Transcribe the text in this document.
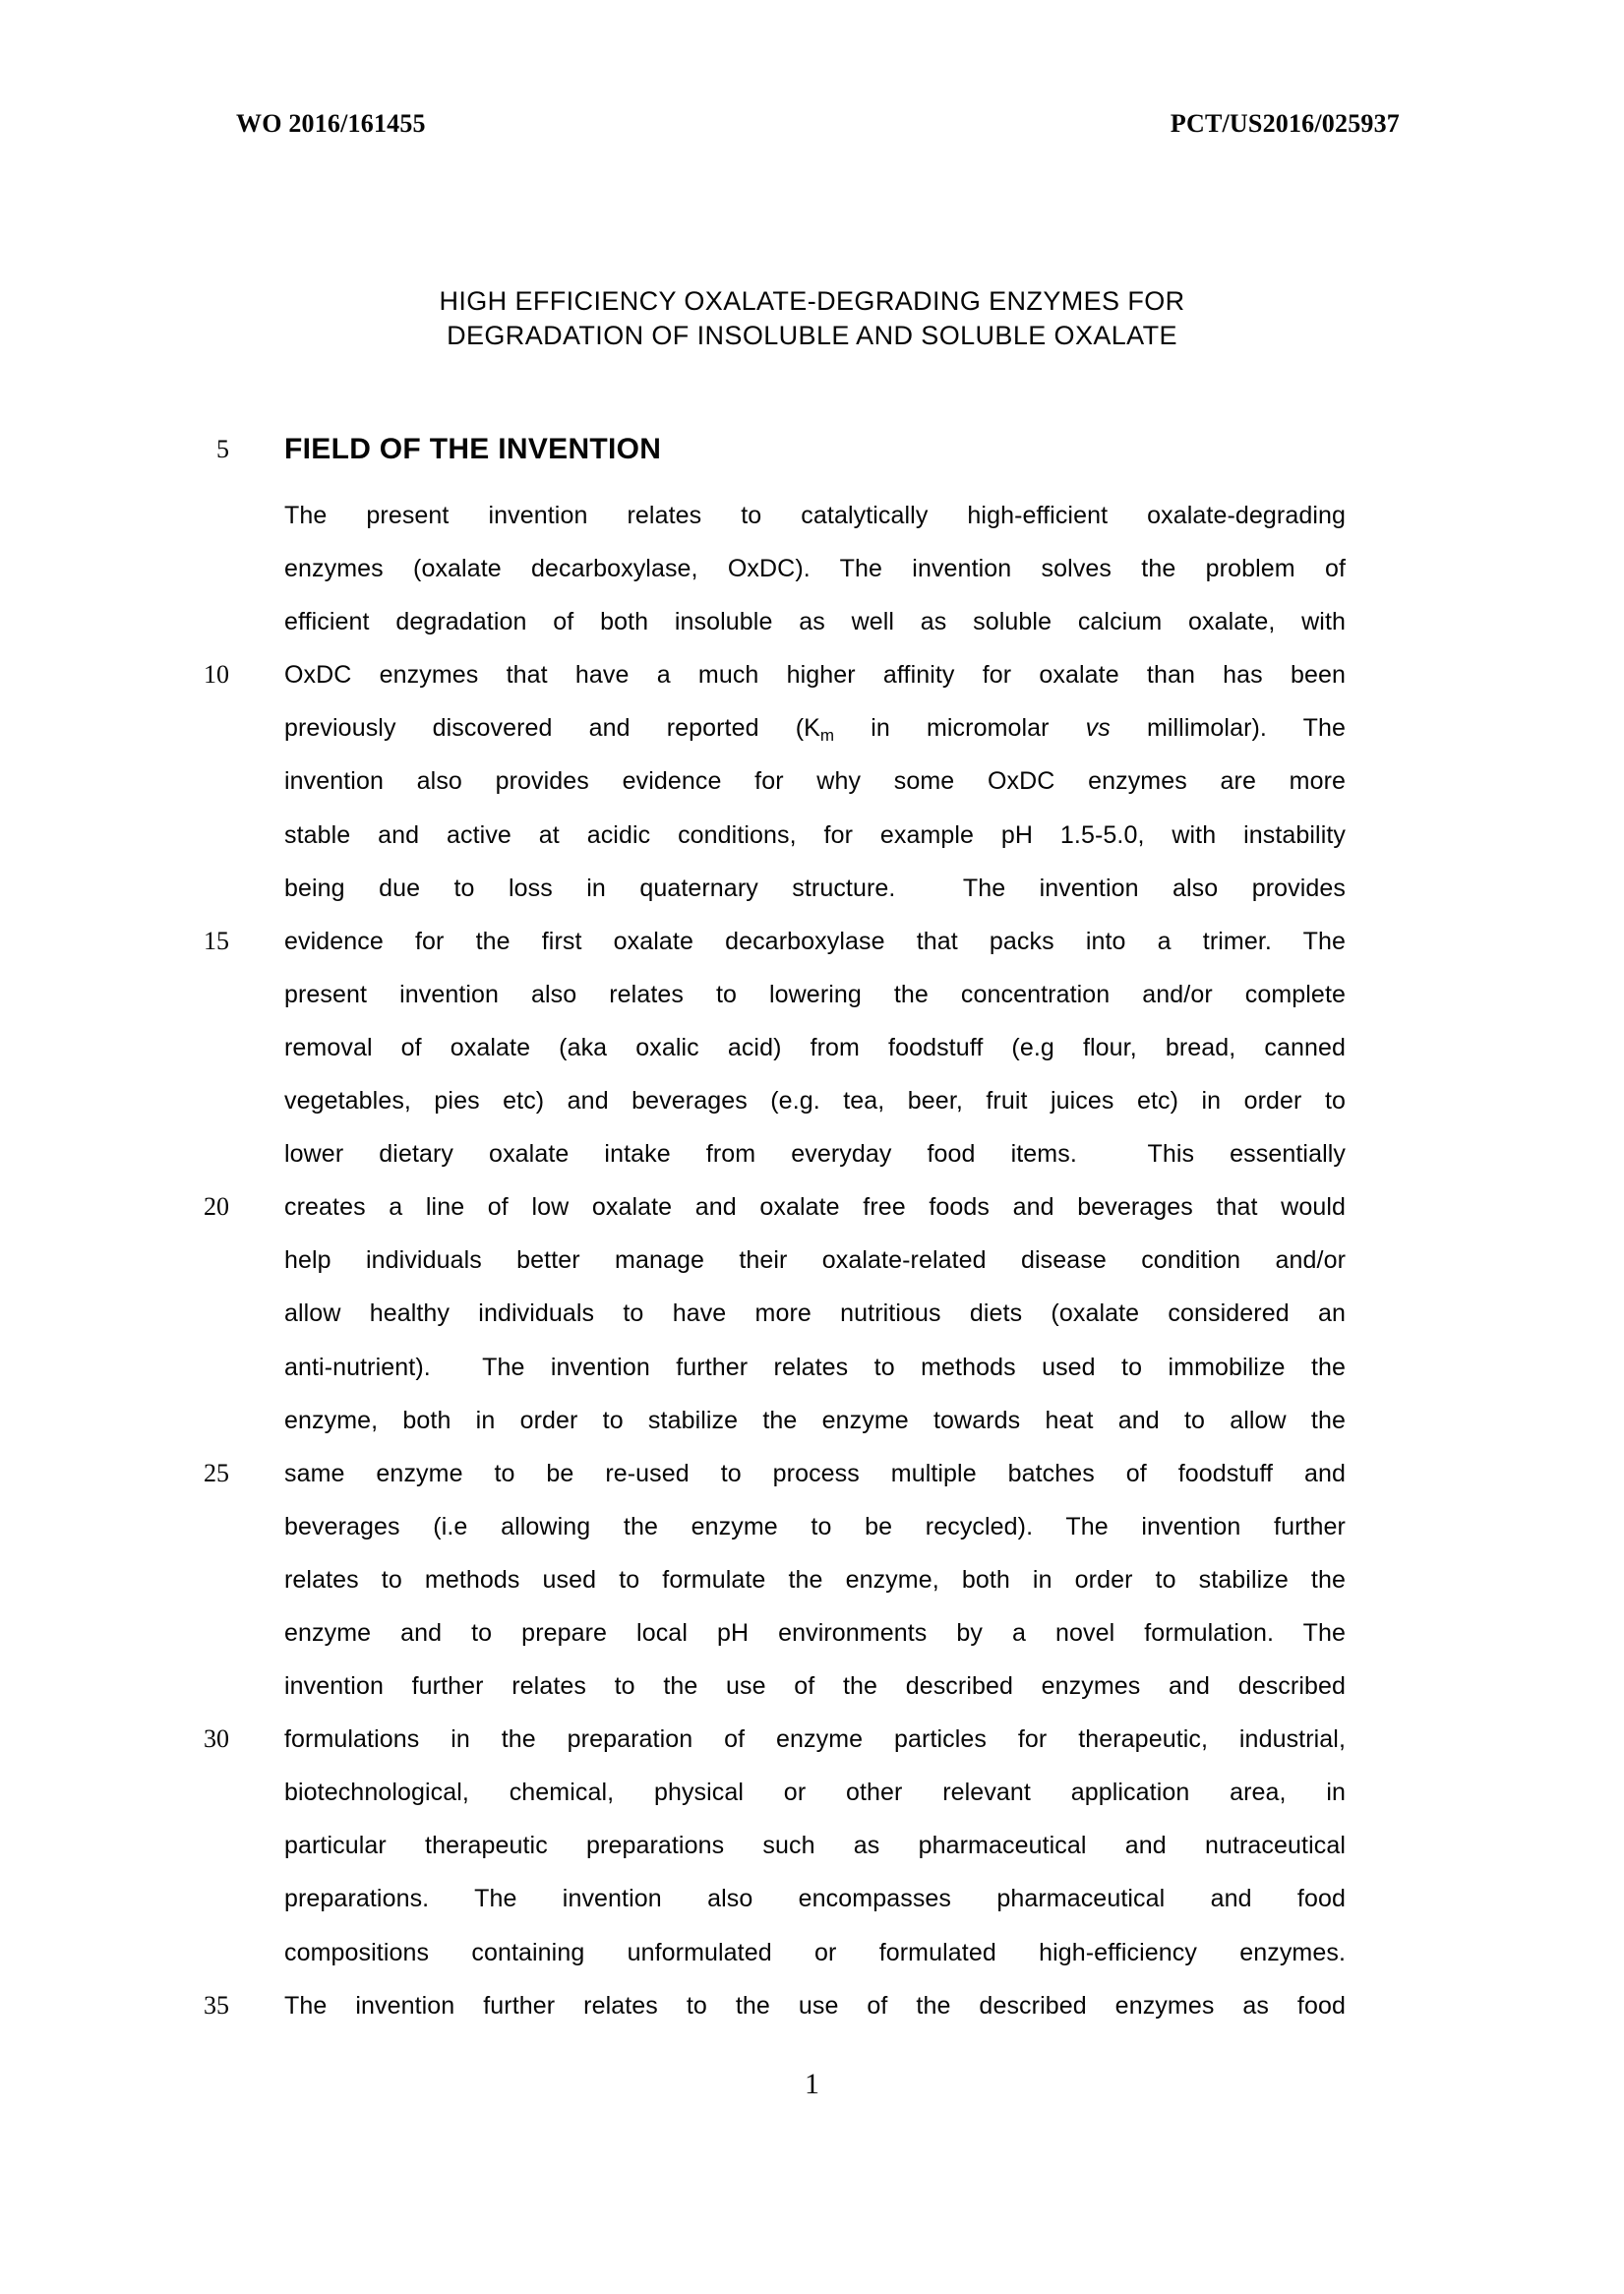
WO 2016/161455	PCT/US2016/025937
HIGH EFFICIENCY OXALATE-DEGRADING ENZYMES FOR
DEGRADATION OF INSOLUBLE AND SOLUBLE OXALATE
5 FIELD OF THE INVENTION
The present invention relates to catalytically high-efficient oxalate-degrading
enzymes (oxalate decarboxylase, OxDC). The invention solves the problem of
efficient degradation of both insoluble as well as soluble calcium oxalate, with
10 OxDC enzymes that have a much higher affinity for oxalate than has been
previously discovered and reported ($K_m$ in micromolar vs millimolar). The
invention also provides evidence for why some OxDC enzymes are more
stable and active at acidic conditions, for example pH 1.5-5.0, with instability
being due to loss in quaternary structure.  The invention also provides
15 evidence for the first oxalate decarboxylase that packs into a trimer. The
present invention also relates to lowering the concentration and/or complete
removal of oxalate (aka oxalic acid) from foodstuff (e.g flour, bread, canned
vegetables, pies etc) and beverages (e.g. tea, beer, fruit juices etc) in order to
lower dietary oxalate intake from everyday food items.  This essentially
20 creates a line of low oxalate and oxalate free foods and beverages that would
help individuals better manage their oxalate-related disease condition and/or
allow healthy individuals to have more nutritious diets (oxalate considered an
anti-nutrient).  The invention further relates to methods used to immobilize the
enzyme, both in order to stabilize the enzyme towards heat and to allow the
25 same enzyme to be re-used to process multiple batches of foodstuff and
beverages (i.e allowing the enzyme to be recycled). The invention further
relates to methods used to formulate the enzyme, both in order to stabilize the
enzyme and to prepare local pH environments by a novel formulation. The
invention further relates to the use of the described enzymes and described
30 formulations in the preparation of enzyme particles for therapeutic, industrial,
biotechnological, chemical, physical or other relevant application area, in
particular therapeutic preparations such as pharmaceutical and nutraceutical
preparations. The invention also encompasses pharmaceutical and food
compositions containing unformulated or formulated high-efficiency enzymes.
35 The invention further relates to the use of the described enzymes as food
1
